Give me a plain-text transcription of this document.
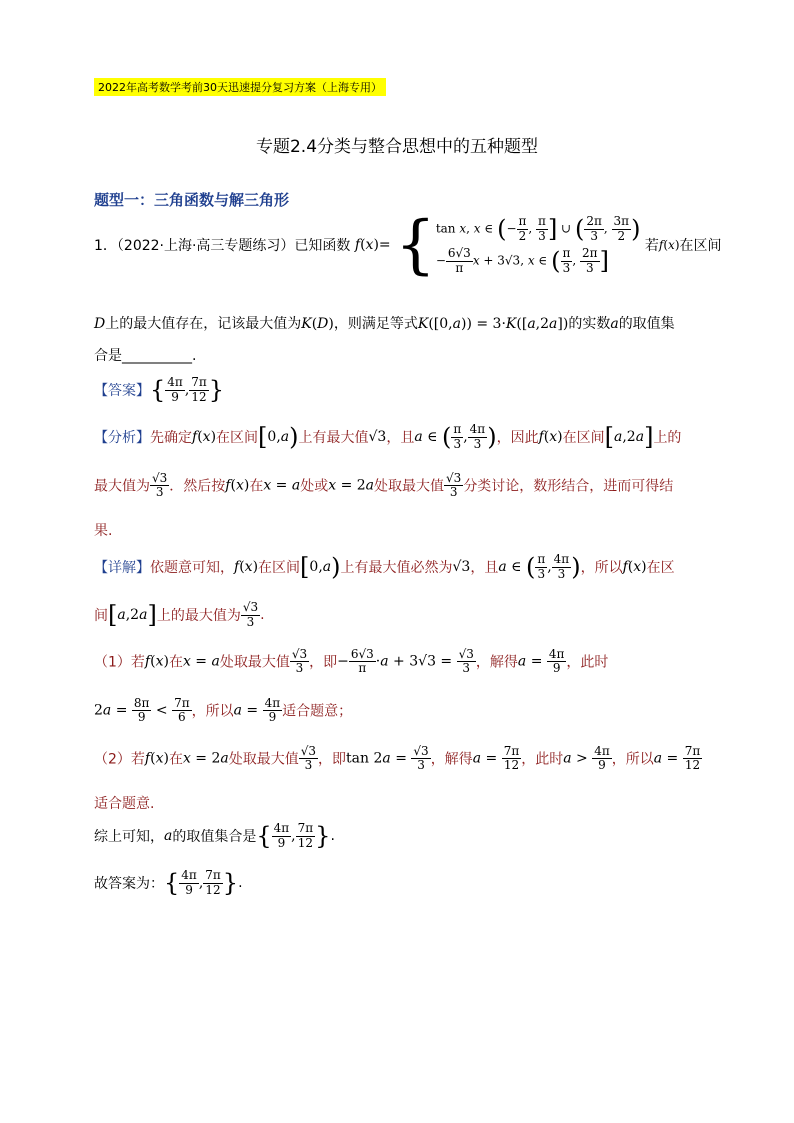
2022年高考数学考前30天迅速提分复习方案（上海专用）
专题2.4分类与整合思想中的五种题型
题型一：三角函数与解三角形
1．（2022·上海·高三专题练习）已知函数 f(x)= { tan x, x ∈ (− $\frac{\pi}{2}$ , $\frac{\pi}{3}$ ] ∪ ( $\frac{2\pi}{3}$ , $\frac{3\pi}{2}$ )
− $\frac{6√3}{\pi}$ x + 3√3, x ∈ ( $\frac{\pi}{3}$ , $\frac{2\pi}{3}$ ]
若f(x)在区间
D上的最大值存在，记该最大值为K(D)，则满足等式K([0,a)) = 3·K([a,2a])的实数a的取值集
合是__________.
【答案】{ $\frac{4\pi}{9}$ , $\frac{7\pi}{12}$ }
【分析】先确定f(x)在区间[0,a)上有最大值√3，且a ∈ ( $\frac{\pi}{3}$ , $\frac{4\pi}{3}$ )，因此f(x)在区间[a,2a]上的
最大值为 $\frac{√3}{3}$ ．然后按f(x)在x = a处或x = 2a处取最大值 $\frac{√3}{3}$ 分类讨论，数形结合，进而可得结
果.
【详解】依题意可知，f(x)在区间[0,a)上有最大值必然为√3，且a ∈ ( $\frac{\pi}{3}$ , $\frac{4\pi}{3}$ )，所以f(x)在区
间[a,2a]上的最大值为 $\frac{√3}{3}$ .
（1）若f(x)在x = a处取最大值 $\frac{√3}{3}$ ，即− $\frac{6√3}{\pi} \cdot a + 3√3 = \frac{√3}{3}$ ，解得$a = \frac{4\pi}{9}$ ，此时
$2a = \frac{8\pi}{9} < \frac{7\pi}{6}$ ，所以$a = \frac{4\pi}{9}$ 适合题意；
（2）若f(x)在x = 2a处取最大值 $\frac{√3}{3}$ ，即$\tan 2a = \frac{√3}{3}$ ，解得$a = \frac{7\pi}{12}$ ，此时$a > \frac{4\pi}{9}$ ，所以$a = \frac{7\pi}{12}$
适合题意.
综上可知，a的取值集合是{ $\frac{4\pi}{9}$ , $\frac{7\pi}{12}$ }.
故答案为：{ $\frac{4\pi}{9}$ , $\frac{7\pi}{12}$ }.
